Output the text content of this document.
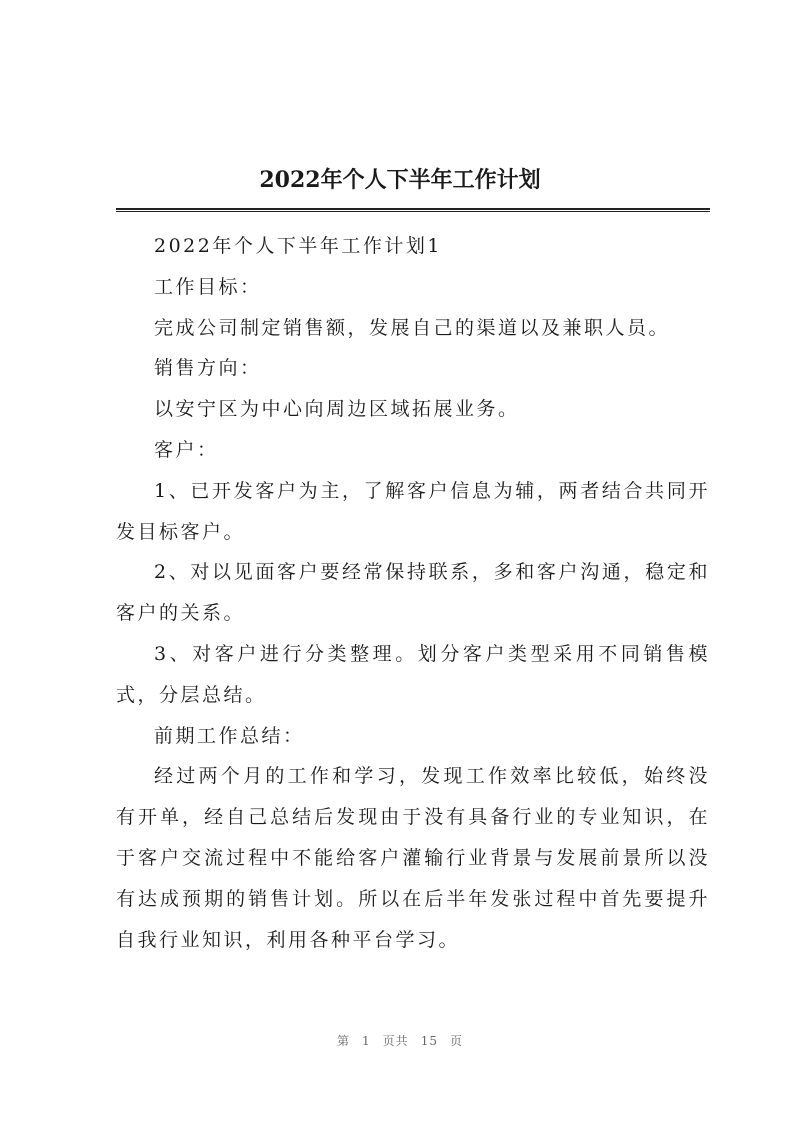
2022年个人下半年工作计划

2022年个人下半年工作计划1

工作目标：

完成公司制定销售额，发展自己的渠道以及兼职人员。

销售方向：

以安宁区为中心向周边区域拓展业务。

客户：

1、已开发客户为主，了解客户信息为辅，两者结合共同开发目标客户。

2、对以见面客户要经常保持联系，多和客户沟通，稳定和客户的关系。

3、对客户进行分类整理。划分客户类型采用不同销售模式，分层总结。

前期工作总结：

经过两个月的工作和学习，发现工作效率比较低，始终没有开单，经自己总结后发现由于没有具备行业的专业知识，在于客户交流过程中不能给客户灌输行业背景与发展前景所以没有达成预期的销售计划。所以在后半年发张过程中首先要提升自我行业知识，利用各种平台学习。

第 1 页共 15 页
